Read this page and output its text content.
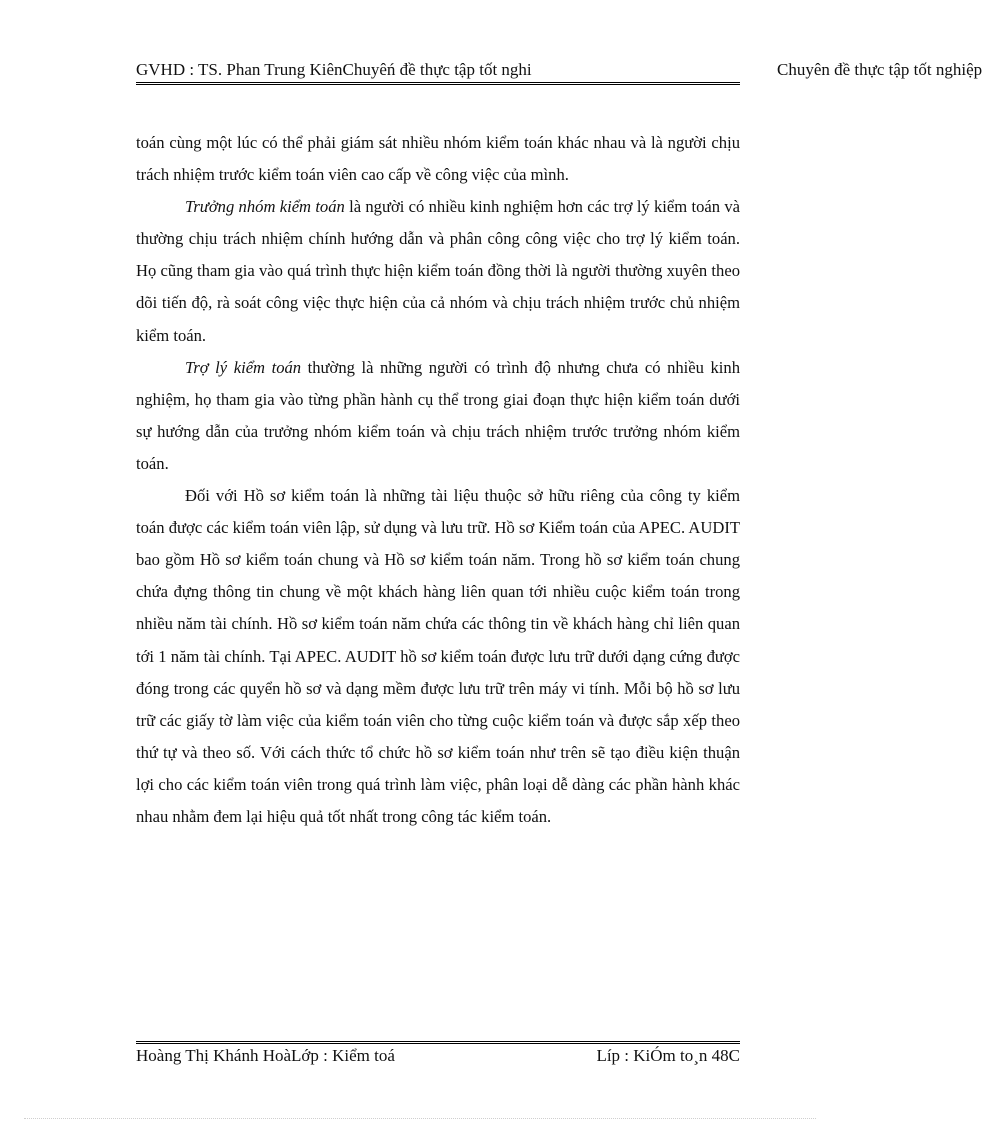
GVHD : TS. Phan Trung KiênChuyêń đề thực tập tốt nghi	Chuyên đề thực tập tốt nghiệp

toán cùng một lúc có thể phải giám sát nhiều nhóm kiểm toán khác nhau và là người chịu trách nhiệm trước kiểm toán viên cao cấp về công việc của mình.

Trưởng nhóm kiểm toán là người có nhiều kinh nghiệm hơn các trợ lý kiểm toán và thường chịu trách nhiệm chính hướng dẫn và phân công công việc cho trợ lý kiểm toán. Họ cũng tham gia vào quá trình thực hiện kiểm toán đồng thời là người thường xuyên theo dõi tiến độ, rà soát công việc thực hiện của cả nhóm và chịu trách nhiệm trước chủ nhiệm kiểm toán.

Trợ lý kiểm toán thường là những người có trình độ nhưng chưa có nhiều kinh nghiệm, họ tham gia vào từng phần hành cụ thể trong giai đoạn thực hiện kiểm toán dưới sự hướng dẫn của trưởng nhóm kiểm toán và chịu trách nhiệm trước trưởng nhóm kiểm toán.

Đối với Hồ sơ kiểm toán là những tài liệu thuộc sở hữu riêng của công ty kiểm toán được các kiểm toán viên lập, sử dụng và lưu trữ. Hồ sơ Kiểm toán của APEC. AUDIT bao gồm Hồ sơ kiểm toán chung và Hồ sơ kiểm toán năm. Trong hồ sơ kiểm toán chung chứa đựng thông tin chung về một khách hàng liên quan tới nhiều cuộc kiểm toán trong nhiều năm tài chính. Hồ sơ kiểm toán năm chứa các thông tin về khách hàng chỉ liên quan tới 1 năm tài chính. Tại APEC. AUDIT hồ sơ kiểm toán được lưu trữ dưới dạng cứng được đóng trong các quyển hồ sơ và dạng mềm được lưu trữ trên máy vi tính. Mỗi bộ hồ sơ lưu trữ các giấy tờ làm việc của kiểm toán viên cho từng cuộc kiểm toán và được sắp xếp theo thứ tự và theo số. Với cách thức tổ chức hồ sơ kiểm toán như trên sẽ tạo điều kiện thuận lợi cho các kiểm toán viên trong quá trình làm việc, phân loại dễ dàng các phần hành khác nhau nhằm đem lại hiệu quả tốt nhất trong công tác kiểm toán.

Hoàng Thị Khánh HoàLớp : Kiểm toá	Líp : KiÓm to¸n 48C
